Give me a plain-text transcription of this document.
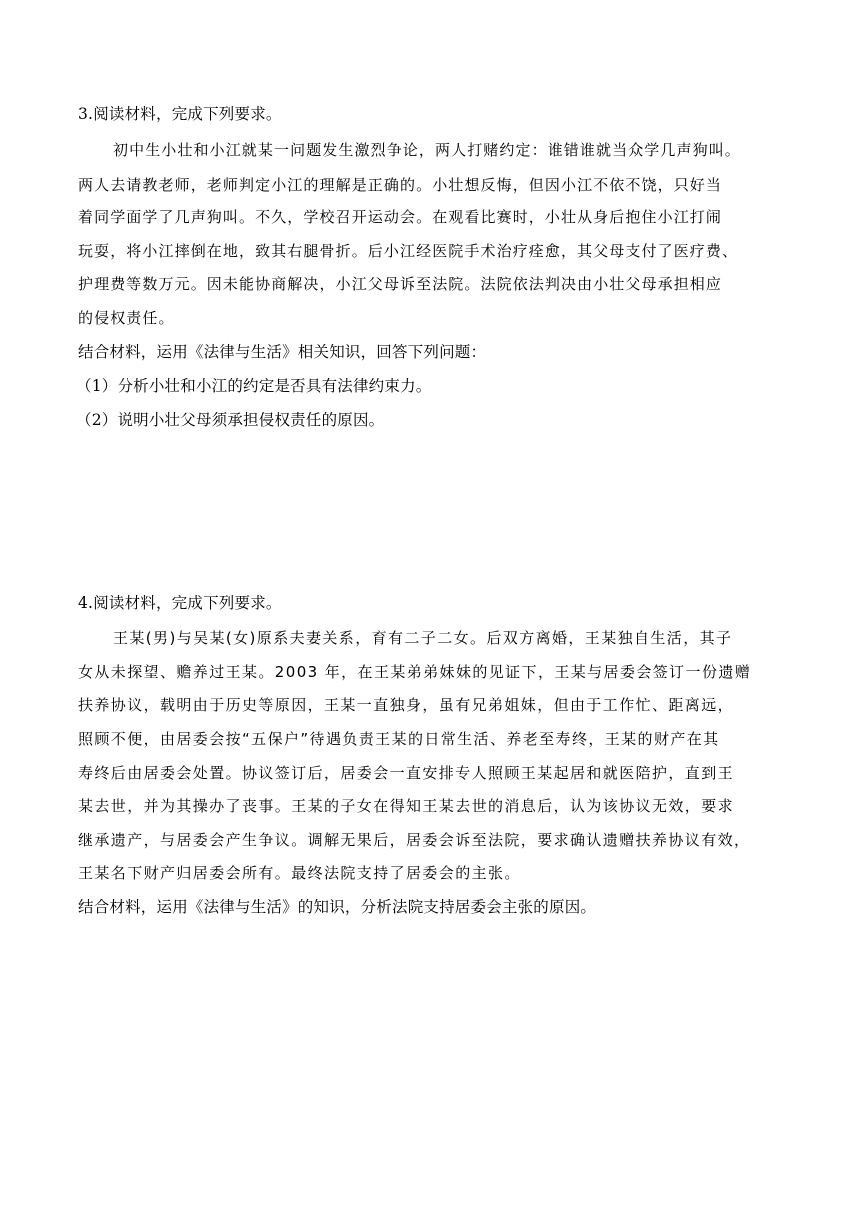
3.阅读材料，完成下列要求。
初中生小壮和小江就某一问题发生激烈争论，两人打赌约定：谁错谁就当众学几声狗叫。
两人去请教老师，老师判定小江的理解是正确的。小壮想反悔，但因小江不依不饶，只好当
着同学面学了几声狗叫。不久，学校召开运动会。在观看比赛时，小壮从身后抱住小江打闹
玩耍，将小江摔倒在地，致其右腿骨折。后小江经医院手术治疗痊愈，其父母支付了医疗费、
护理费等数万元。因未能协商解决，小江父母诉至法院。法院依法判决由小壮父母承担相应
的侵权责任。
结合材料，运用《法律与生活》相关知识，回答下列问题：
（1）分析小壮和小江的约定是否具有法律约束力。
（2）说明小壮父母须承担侵权责任的原因。
4.阅读材料，完成下列要求。
王某(男)与吴某(女)原系夫妻关系，育有二子二女。后双方离婚，王某独自生活，其子
女从未探望、赡养过王某。2003 年，在王某弟弟妹妹的见证下，王某与居委会签订一份遗赠
扶养协议，载明由于历史等原因，王某一直独身，虽有兄弟姐妹，但由于工作忙、距离远，
照顾不便，由居委会按“五保户”待遇负责王某的日常生活、养老至寿终，王某的财产在其
寿终后由居委会处置。协议签订后，居委会一直安排专人照顾王某起居和就医陪护，直到王
某去世，并为其操办了丧事。王某的子女在得知王某去世的消息后，认为该协议无效，要求
继承遗产，与居委会产生争议。调解无果后，居委会诉至法院，要求确认遗赠扶养协议有效，
王某名下财产归居委会所有。最终法院支持了居委会的主张。
结合材料，运用《法律与生活》的知识，分析法院支持居委会主张的原因。
